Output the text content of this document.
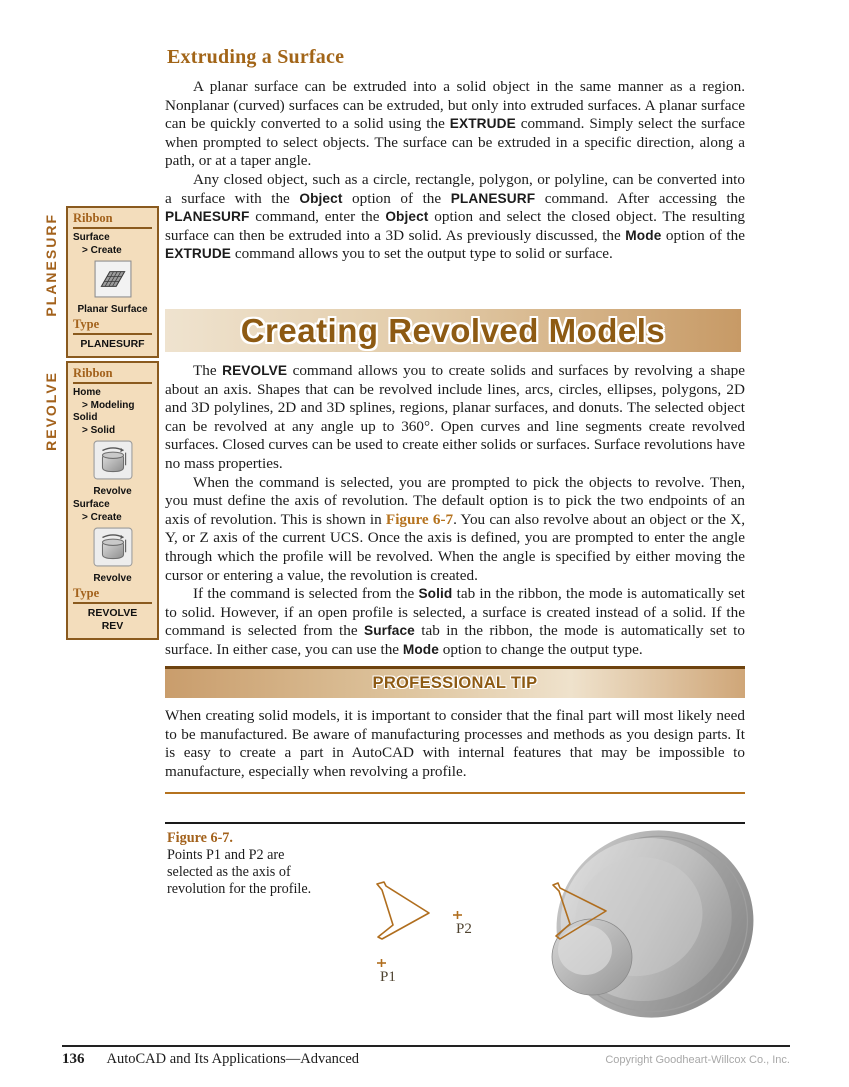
PLANESURF Ribbon
Surface
> Create
Planar Surface
Type
PLANESURF
REVOLVE Ribbon
Home
> Modeling
Solid
> Solid
Revolve
Surface
> Create
Revolve
Type
REVOLVE
REV
Extruding a Surface

A planar surface can be extruded into a solid object in the same manner as a region. Nonplanar (curved) surfaces can be extruded, but only into extruded surfaces. A planar surface can be quickly converted to a solid using the EXTRUDE command. Simply select the surface when prompted to select objects. The surface can be extruded in a specific direction, along a path, or at a taper angle.

Any closed object, such as a circle, rectangle, polygon, or polyline, can be converted into a surface with the Object option of the PLANESURF command. After accessing the PLANESURF command, enter the Object option and select the closed object. The resulting surface can then be extruded into a 3D solid. As previously discussed, the Mode option of the EXTRUDE command allows you to set the output type to solid or surface.

Creating Revolved Models

The REVOLVE command allows you to create solids and surfaces by revolving a shape about an axis. Shapes that can be revolved include lines, arcs, circles, ellipses, polygons, 2D and 3D polylines, 2D and 3D splines, regions, planar surfaces, and donuts. The selected object can be revolved at any angle up to 360°. Open curves and line segments create revolved surfaces. Closed curves can be used to create either solids or surfaces. Surface revolutions have no mass properties.

When the command is selected, you are prompted to pick the objects to revolve. Then, you must define the axis of revolution. The default option is to pick the two endpoints of an axis of revolution. This is shown in Figure 6-7. You can also revolve about an object or the X, Y, or Z axis of the current UCS. Once the axis is defined, you are prompted to enter the angle through which the profile will be revolved. When the angle is specified by either moving the cursor or entering a value, the revolution is created.

If the command is selected from the Solid tab in the ribbon, the mode is automatically set to solid. However, if an open profile is selected, a surface is created instead of a solid. If the command is selected from the Surface tab in the ribbon, the mode is automatically set to surface. In either case, you can use the Mode option to change the output type.

PROFESSIONAL TIP
When creating solid models, it is important to consider that the final part will most likely need to be manufactured. Be aware of manufacturing processes and methods as you design parts. It is easy to create a part in AutoCAD with internal features that may be impossible to manufacture, especially when revolving a profile.
Figure 6-7.

Points P1 and P2 are selected as the axis of revolution for the profile.

P2
P1
136 AutoCAD and Its Applications—Advanced	Copyright Goodheart-Willcox Co., Inc.
